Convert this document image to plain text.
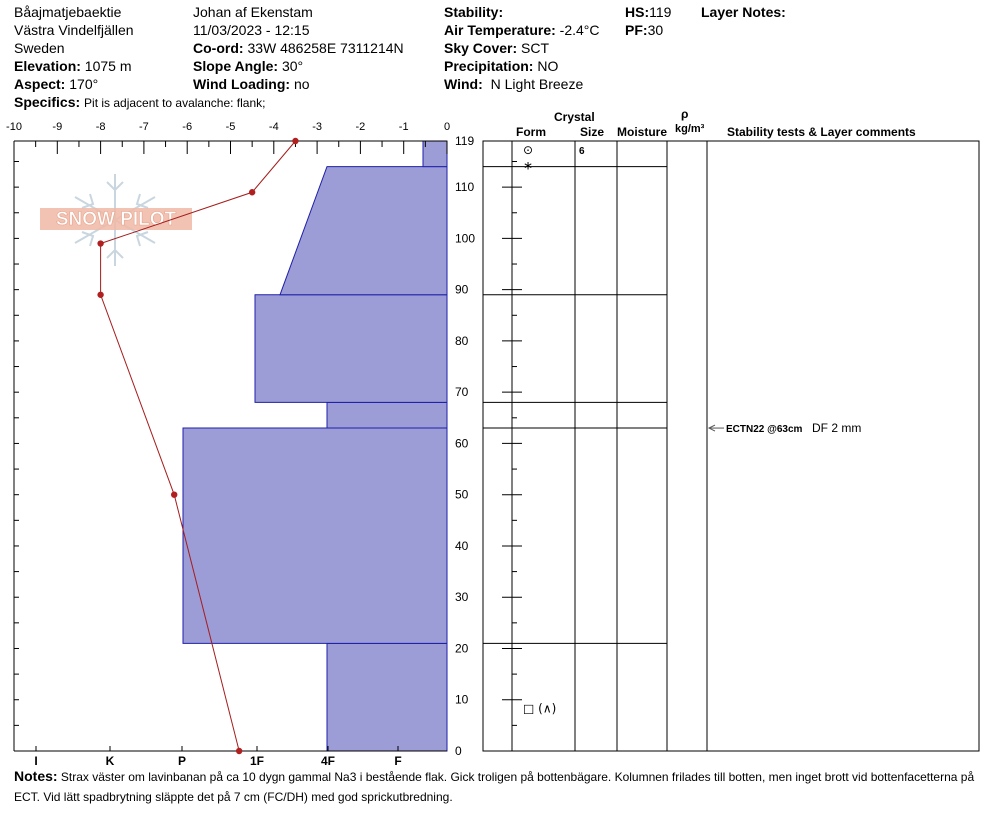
Båajmatjebaektie
Västra Vindelfjällen
Sweden
Elevation: 1075 m
Aspect: 170°
Specifics: Pit is adjacent to avalanche: flank;
Johan af Ekenstam
11/03/2023 - 12:15
Co-ord: 33W 486258E 7311214N
Slope Angle: 30°
Wind Loading: no
Stability:
Air Temperature: -2.4°C
Sky Cover: SCT
Precipitation: NO
Wind: N Light Breeze
HS:119
PF:30
Layer Notes:
Crystal
Form	Size Moisture
ρ
kg/m³ Stability tests & Layer comments
SNOW PILOT
-10	-9	-8	-7	-6	-5	-4	-3	-2	-1	0
I	K	P	1F	4F	F
0
10
20
30
40
50
60
70
80
90
100
110
119
⊙	6
∗
□ (∧)
ECTN22 @63cm DF 2 mm
Notes: Strax väster om lavinbanan på ca 10 dygn gammal Na3 i bestående flak. Gick troligen på bottenbägare. Kolumnen frilades till botten, men inget brott vid bottenfacetterna på ECT. Vid lätt spadbrytning släppte det på 7 cm (FC/DH) med god sprickutbredning.
